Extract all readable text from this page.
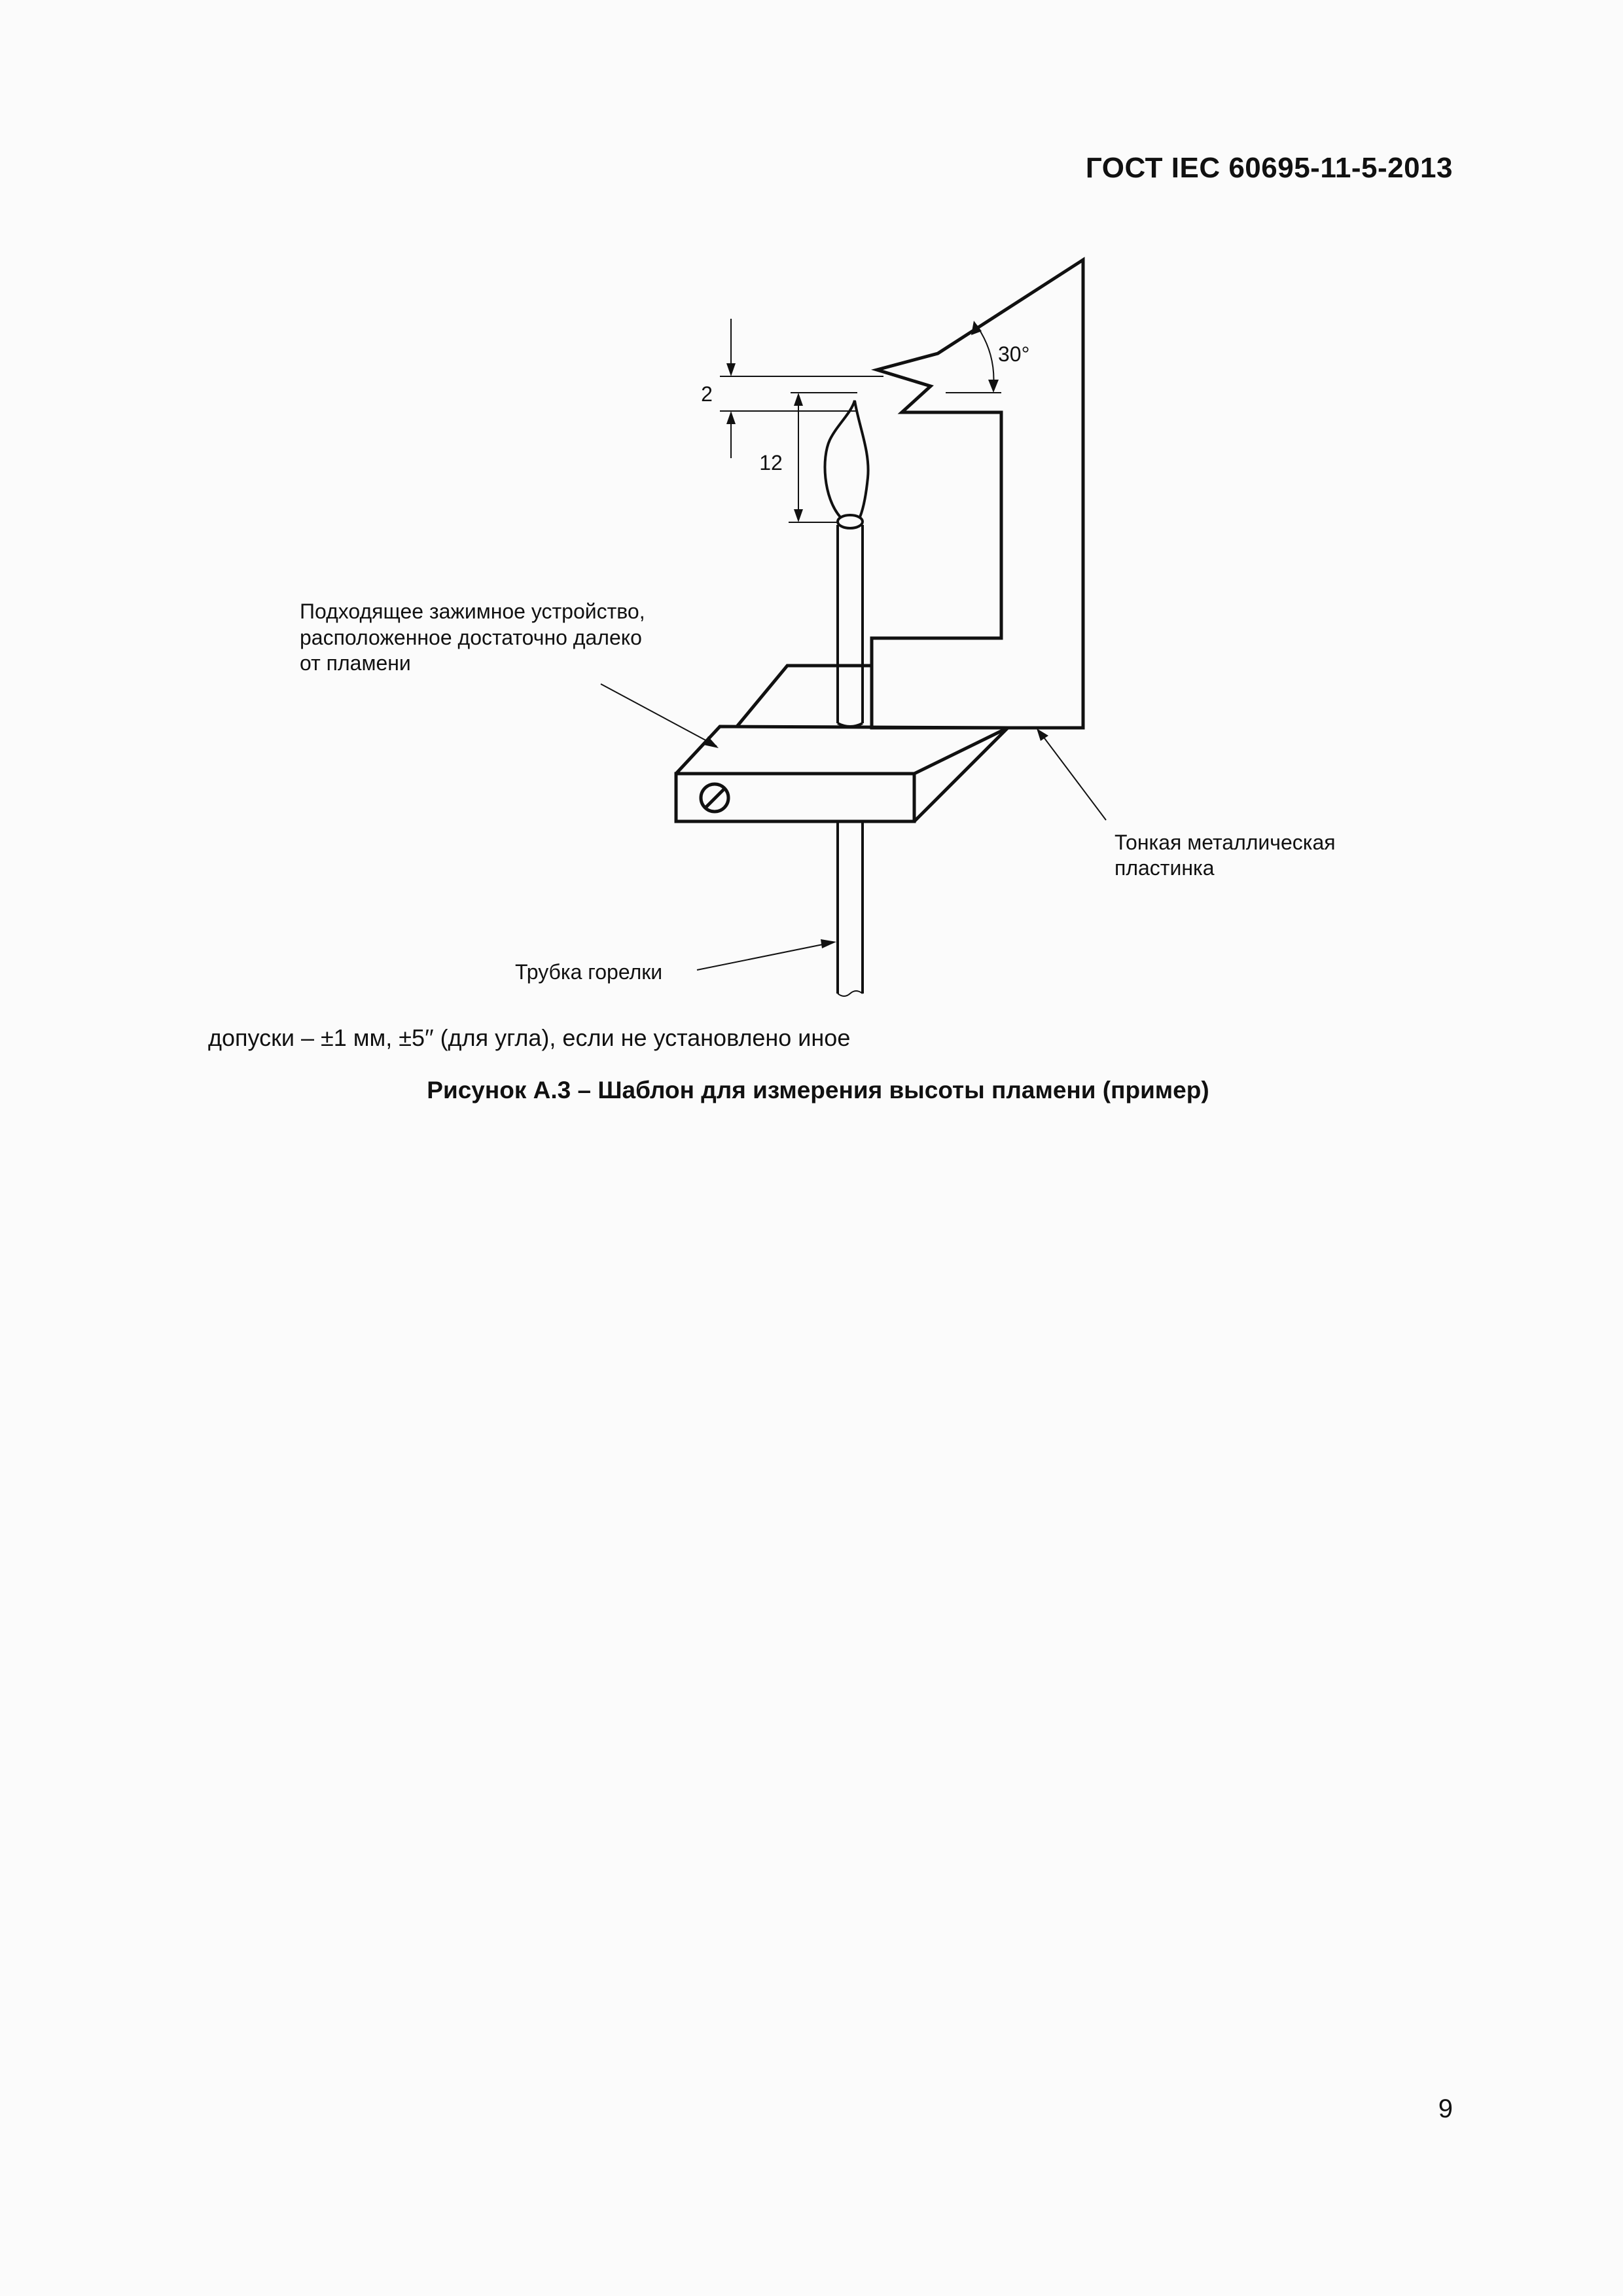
ГОСТ IEC 60695-11-5-2013
2
12
30°
Подходящее зажимное устройство,
расположенное достаточно далеко
от пламени
Тонкая металлическая
пластинка
Трубка горелки
допуски – ±1 мм, ±5′′ (для угла), если не установлено иное
Рисунок А.3 – Шаблон для измерения высоты пламени (пример)
9
